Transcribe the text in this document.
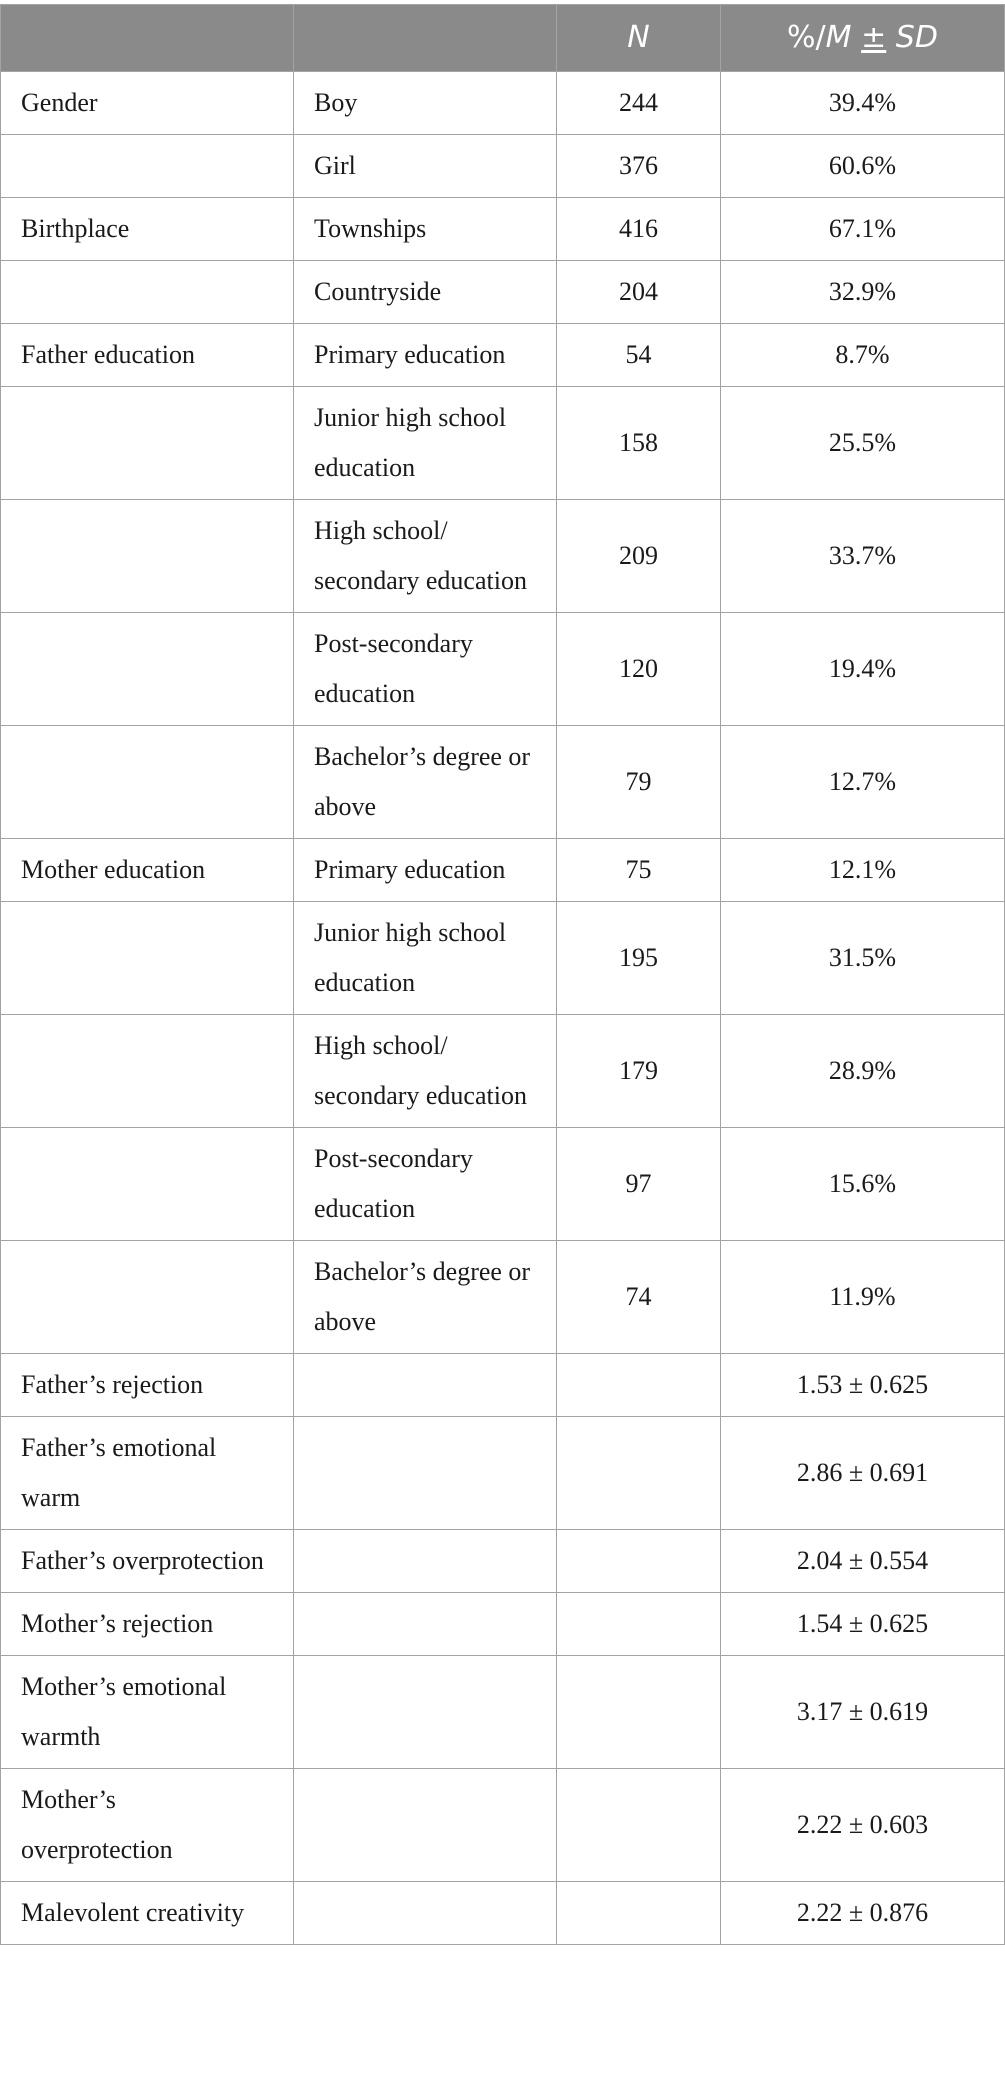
		N	%/M ± SD
Gender	Boy	244	39.4%
	Girl	376	60.6%
Birthplace	Townships	416	67.1%
	Countryside	204	32.9%
Father education	Primary education	54	8.7%
	Junior high school education	158	25.5%
	High school/ secondary education	209	33.7%
	Post-secondary education	120	19.4%
	Bachelor’s degree or above	79	12.7%
Mother education	Primary education	75	12.1%
	Junior high school education	195	31.5%
	High school/ secondary education	179	28.9%
	Post-secondary education	97	15.6%
	Bachelor’s degree or above	74	11.9%
Father’s rejection			1.53 ± 0.625
Father’s emotional warm			2.86 ± 0.691
Father’s overprotection			2.04 ± 0.554
Mother’s rejection			1.54 ± 0.625
Mother’s emotional warmth			3.17 ± 0.619
Mother’s overprotection			2.22 ± 0.603
Malevolent creativity			2.22 ± 0.876
